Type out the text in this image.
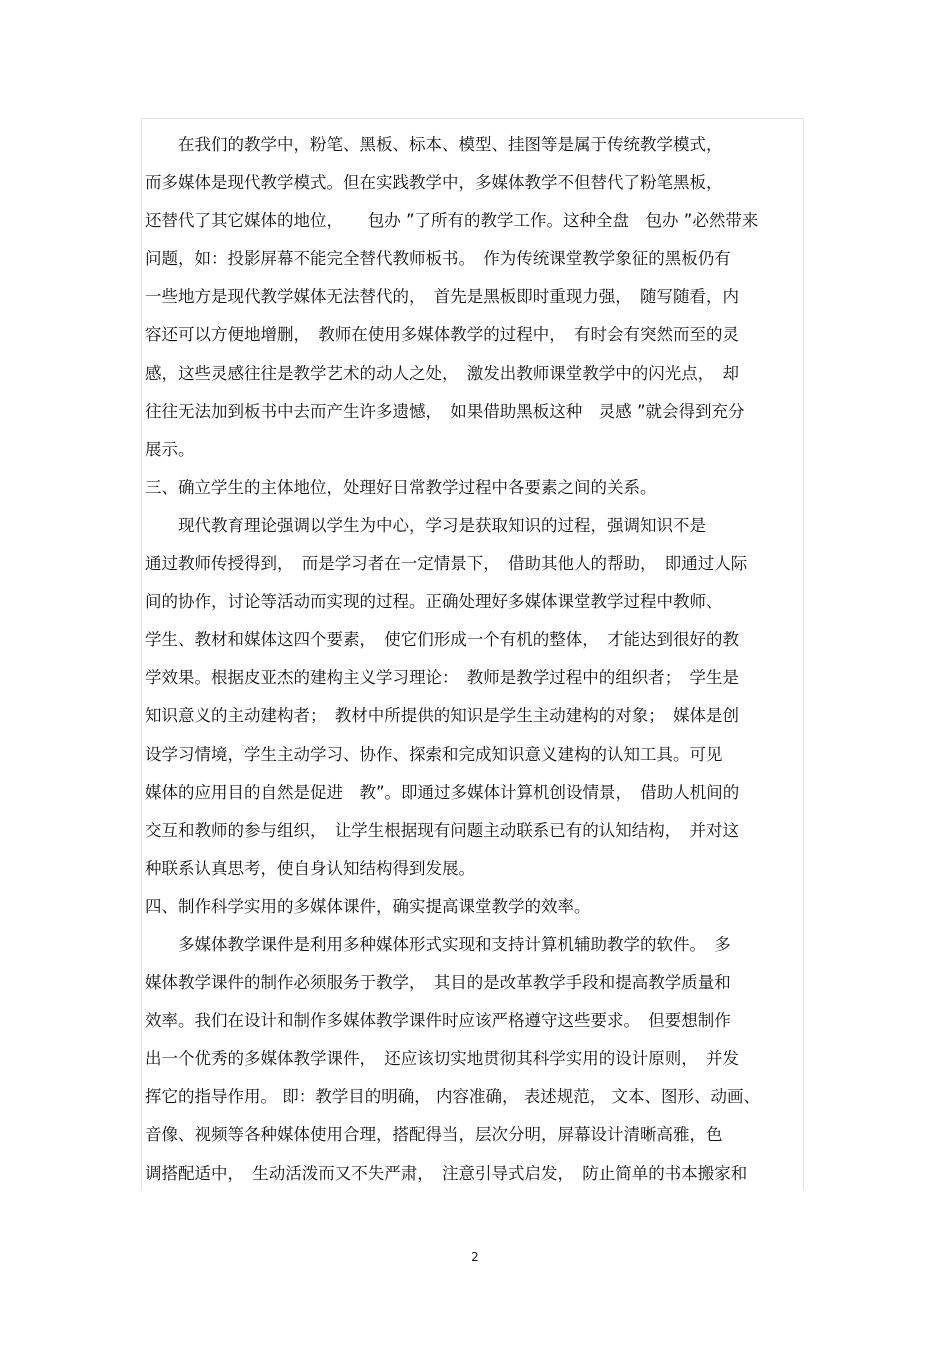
　　在我们的教学中，粉笔、黑板、标本、模型、挂图等是属于传统教学模式，
而多媒体是现代教学模式。但在实践教学中，多媒体教学不但替代了粉笔黑板，
还替代了其它媒体的地位，　　包办 ”了所有的教学工作。这种全盘　包办 ”必然带来
问题，如：投影屏幕不能完全替代教师板书。　作为传统课堂教学象征的黑板仍有
一些地方是现代教学媒体无法替代的，　首先是黑板即时重现力强，　随写随看，内
容还可以方便地增删，　教师在使用多媒体教学的过程中，　有时会有突然而至的灵
感，这些灵感往往是教学艺术的动人之处，　激发出教师课堂教学中的闪光点，　却
往往无法加到板书中去而产生许多遗憾，　如果借助黑板这种　灵感 ”就会得到充分
展示。
三、确立学生的主体地位，处理好日常教学过程中各要素之间的关系。
　　现代教育理论强调以学生为中心，学习是获取知识的过程，强调知识不是
通过教师传授得到，　而是学习者在一定情景下，　借助其他人的帮助，　即通过人际
间的协作，讨论等活动而实现的过程。正确处理好多媒体课堂教学过程中教师、
学生、教材和媒体这四个要素，　使它们形成一个有机的整体，　才能达到很好的教
学效果。根据皮亚杰的建构主义学习理论：　教师是教学过程中的组织者；　学生是
知识意义的主动建构者；　教材中所提供的知识是学生主动建构的对象；　媒体是创
设学习情境，学生主动学习、协作、探索和完成知识意义建构的认知工具。可见
媒体的应用目的自然是促进　教”。即通过多媒体计算机创设情景，　借助人机间的
交互和教师的参与组织，　让学生根据现有问题主动联系已有的认知结构，　并对这
种联系认真思考，使自身认知结构得到发展。
四、制作科学实用的多媒体课件，确实提高课堂教学的效率。
　　多媒体教学课件是利用多种媒体形式实现和支持计算机辅助教学的软件。　多
媒体教学课件的制作必须服务于教学，　其目的是改革教学手段和提高教学质量和
效率。我们在设计和制作多媒体教学课件时应该严格遵守这些要求。　但要想制作
出一个优秀的多媒体教学课件，　还应该切实地贯彻其科学实用的设计原则，　并发
挥它的指导作用。 即：教学目的明确， 内容准确， 表述规范， 文本、图形、动画、
音像、视频等各种媒体使用合理，搭配得当，层次分明，屏幕设计清晰高雅，色
调搭配适中，　生动活泼而又不失严肃，　注意引导式启发，　防止简单的书本搬家和
2
